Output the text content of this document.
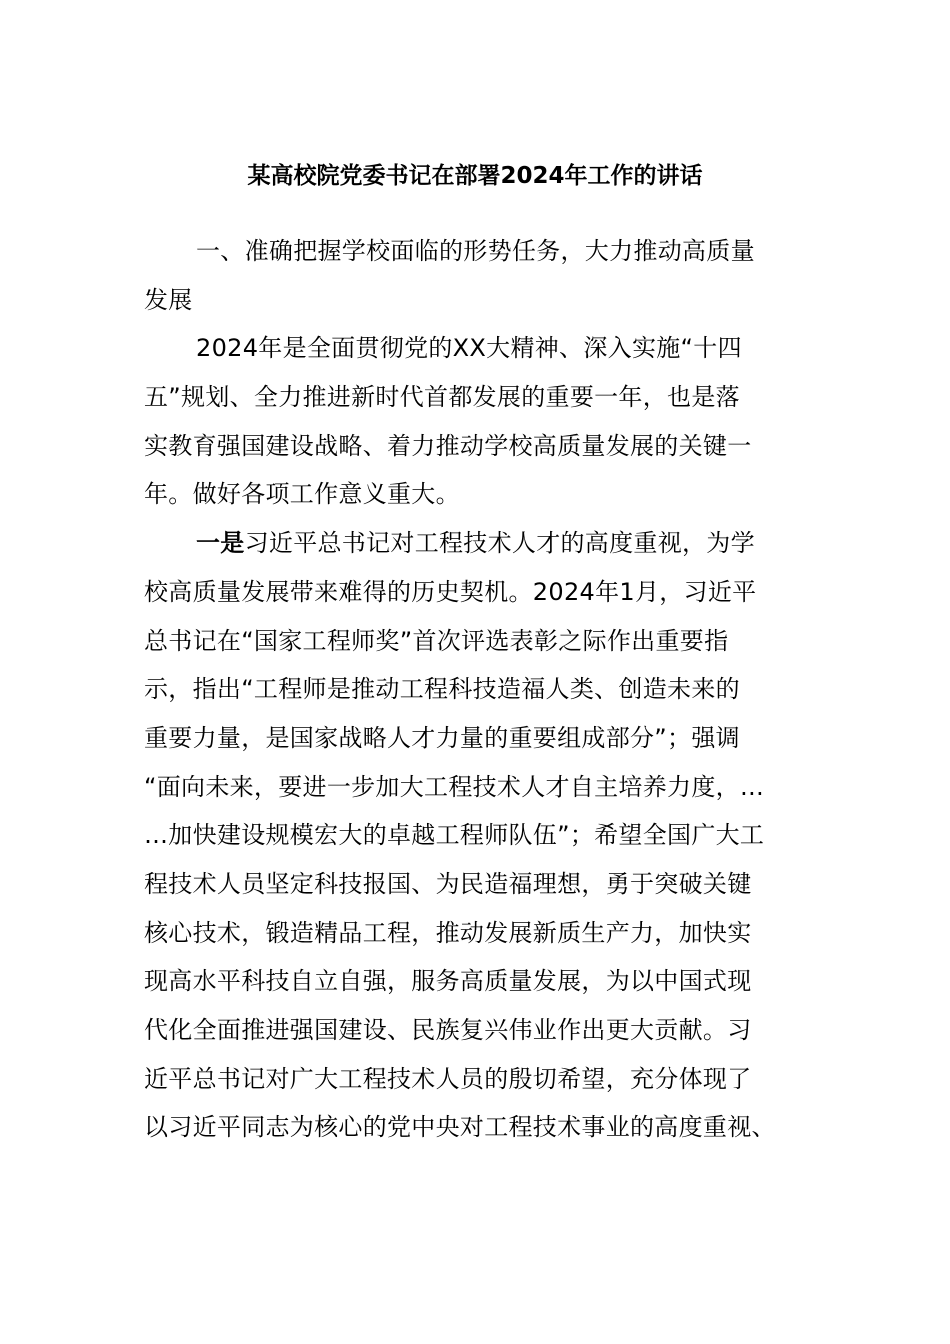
某高校院党委书记在部署2024年工作的讲话
一、准确把握学校面临的形势任务，大力推动高质量
发展
2024年是全面贯彻党的XX大精神、深入实施“十四
五”规划、全力推进新时代首都发展的重要一年，也是落
实教育强国建设战略、着力推动学校高质量发展的关键一
年。做好各项工作意义重大。
一是习近平总书记对工程技术人才的高度重视，为学
校高质量发展带来难得的历史契机。2024年1月，习近平
总书记在“国家工程师奖”首次评选表彰之际作出重要指
示，指出“工程师是推动工程科技造福人类、创造未来的
重要力量，是国家战略人才力量的重要组成部分”；强调
“面向未来，要进一步加大工程技术人才自主培养力度，…
…加快建设规模宏大的卓越工程师队伍”；希望全国广大工
程技术人员坚定科技报国、为民造福理想，勇于突破关键
核心技术，锻造精品工程，推动发展新质生产力，加快实
现高水平科技自立自强，服务高质量发展，为以中国式现
代化全面推进强国建设、民族复兴伟业作出更大贡献。习
近平总书记对广大工程技术人员的殷切希望，充分体现了
以习近平同志为核心的党中央对工程技术事业的高度重视、
